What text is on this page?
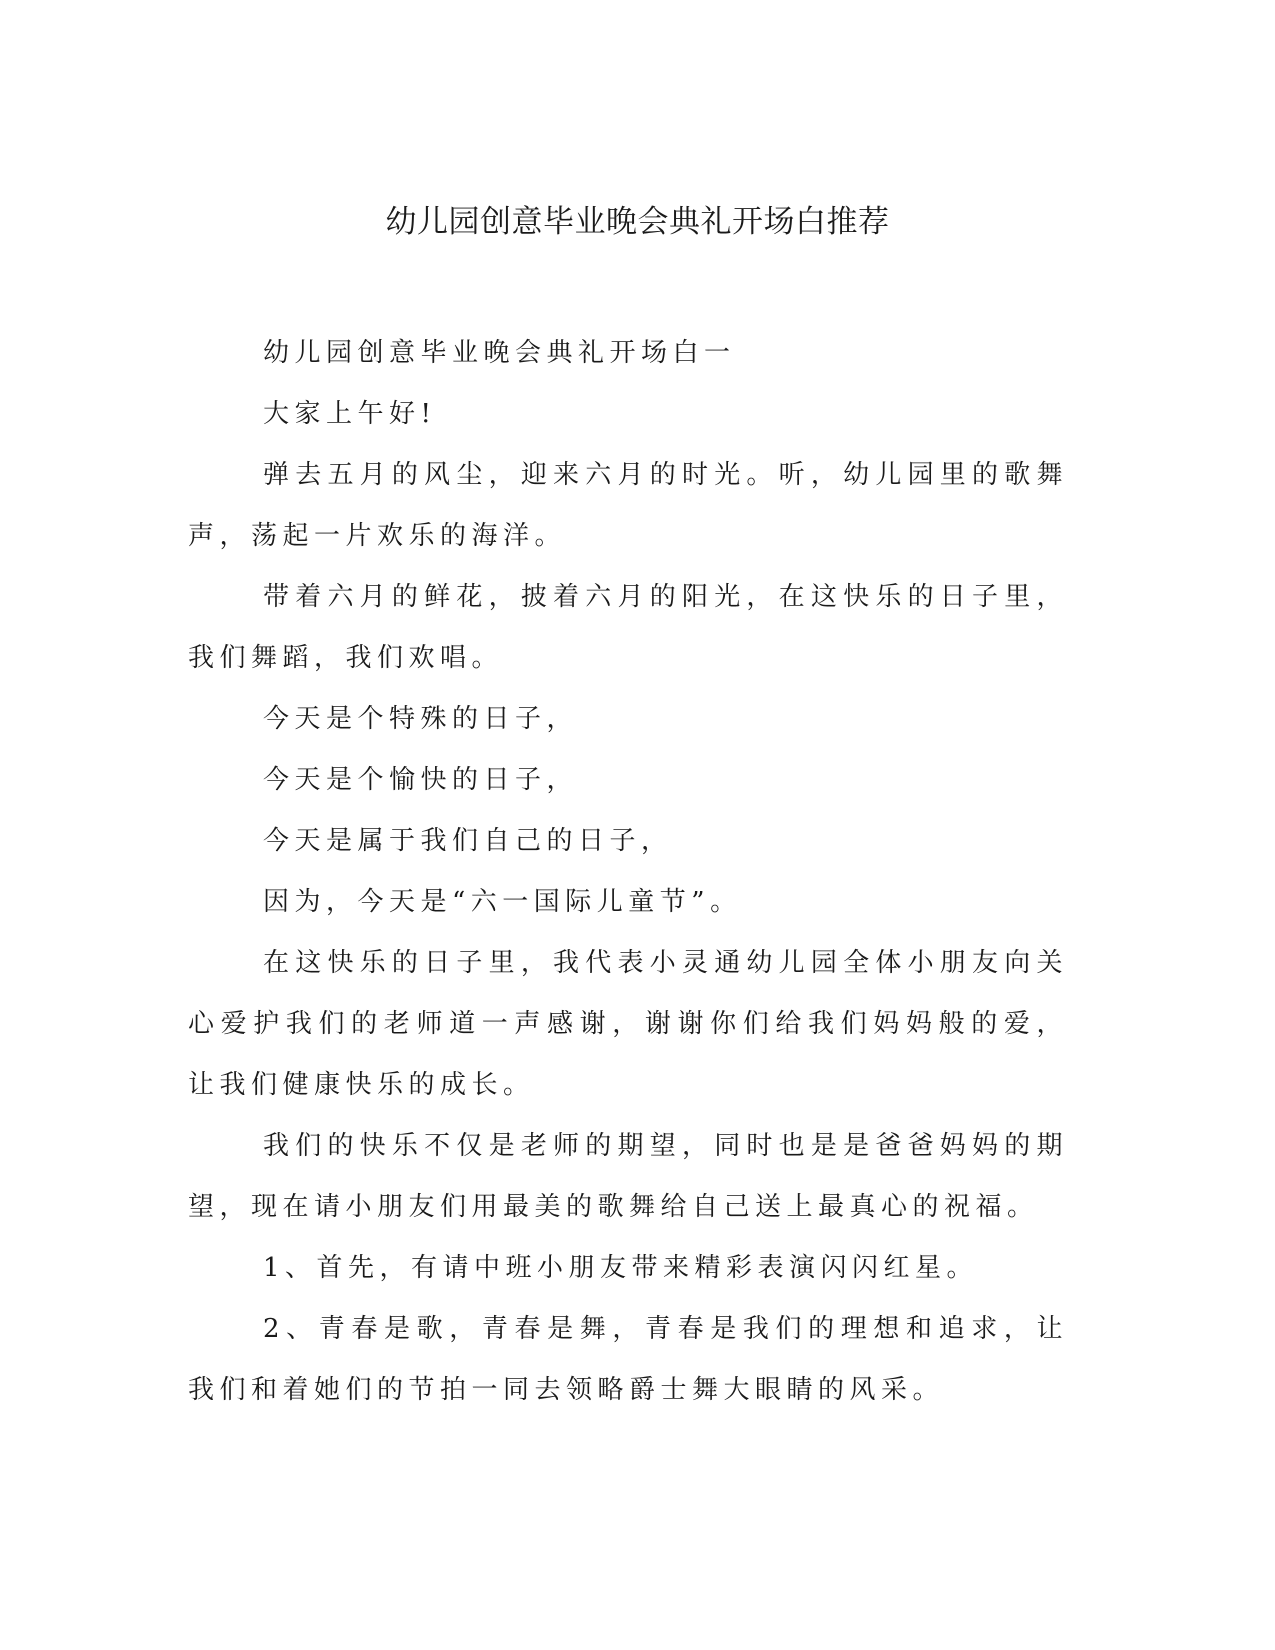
幼儿园创意毕业晚会典礼开场白推荐

幼儿园创意毕业晚会典礼开场白一

大家上午好!

弹去五月的风尘，迎来六月的时光。听，幼儿园里的歌舞声，荡起一片欢乐的海洋。

带着六月的鲜花，披着六月的阳光，在这快乐的日子里，我们舞蹈，我们欢唱。

今天是个特殊的日子，

今天是个愉快的日子，

今天是属于我们自己的日子，

因为，今天是“六一国际儿童节”。

在这快乐的日子里，我代表小灵通幼儿园全体小朋友向关心爱护我们的老师道一声感谢，谢谢你们给我们妈妈般的爱，让我们健康快乐的成长。

我们的快乐不仅是老师的期望，同时也是是爸爸妈妈的期望，现在请小朋友们用最美的歌舞给自己送上最真心的祝福。

1、首先，有请中班小朋友带来精彩表演闪闪红星。

2、青春是歌，青春是舞，青春是我们的理想和追求，让我们和着她们的节拍一同去领略爵士舞大眼睛的风采。
